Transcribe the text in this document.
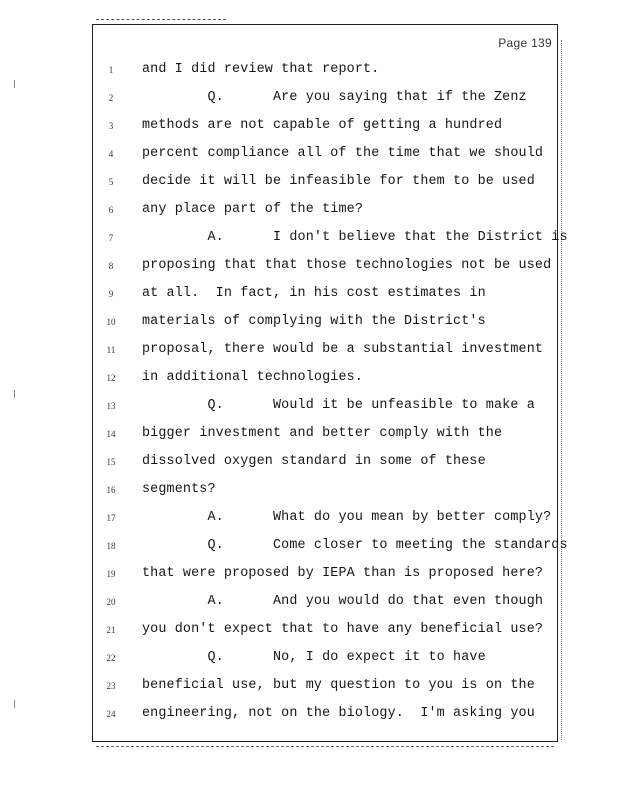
Page 139
1	and I did review that report.
2	Q.      Are you saying that if the Zenz
3	methods are not capable of getting a hundred
4	percent compliance all of the time that we should
5	decide it will be infeasible for them to be used
6	any place part of the time?
7	A.      I don't believe that the District is
8	proposing that that those technologies not be used
9	at all.  In fact, in his cost estimates in
10	materials of complying with the District's
11	proposal, there would be a substantial investment
12	in additional technologies.
13	Q.      Would it be unfeasible to make a
14	bigger investment and better comply with the
15	dissolved oxygen standard in some of these
16	segments?
17	A.      What do you mean by better comply?
18	Q.      Come closer to meeting the standards
19	that were proposed by IEPA than is proposed here?
20	A.      And you would do that even though
21	you don't expect that to have any beneficial use?
22	Q.      No, I do expect it to have
23	beneficial use, but my question to you is on the
24	engineering, not on the biology.  I'm asking you
